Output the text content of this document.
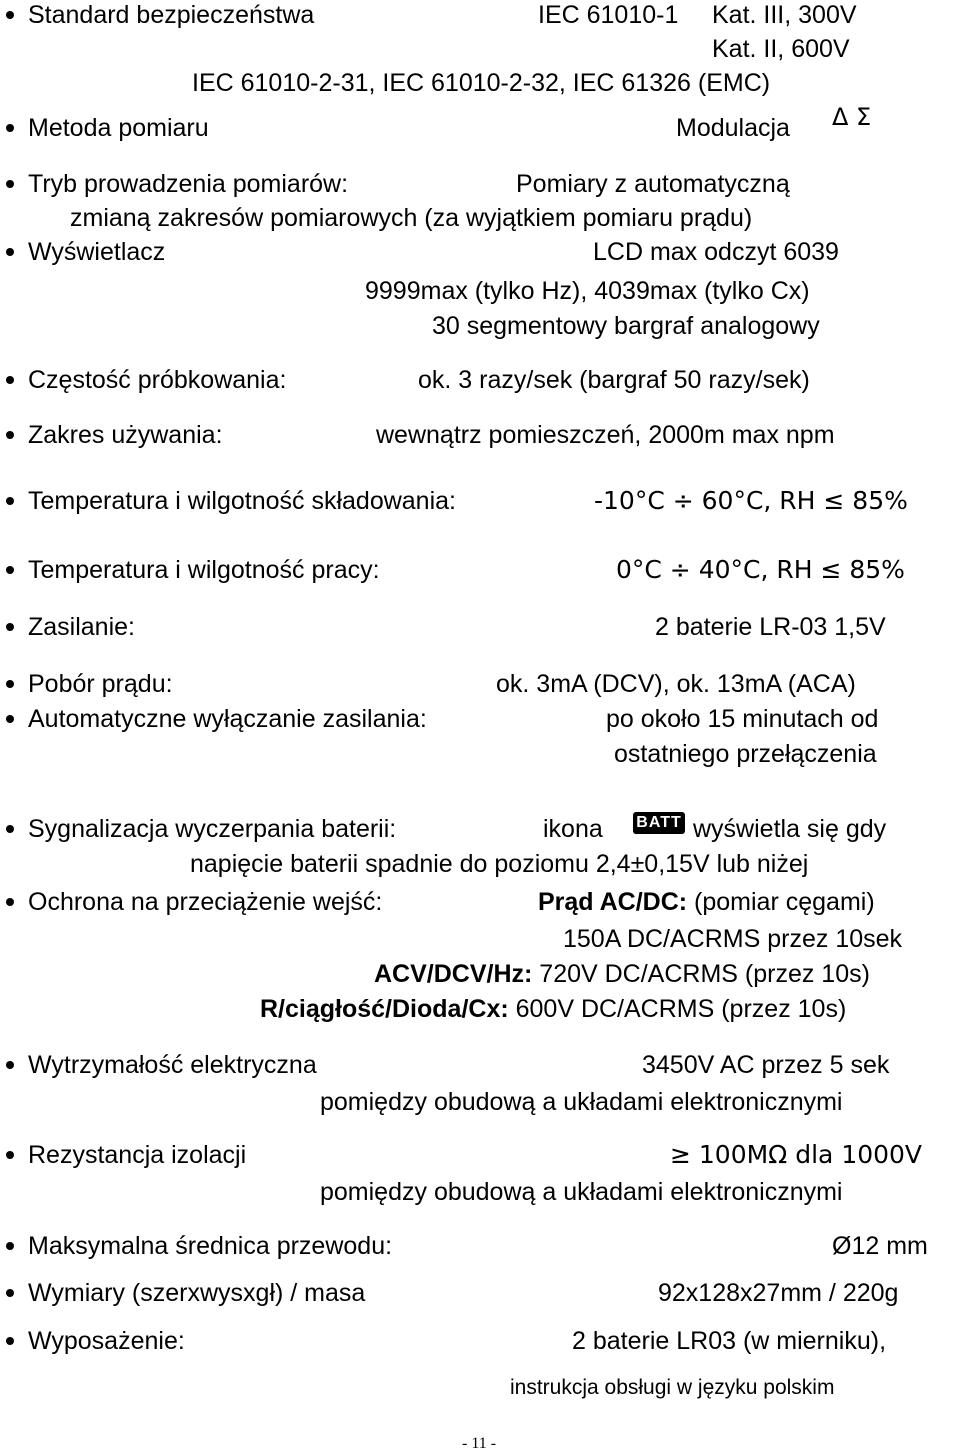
Standard bezpieczeństwa	IEC 61010-1 Kat. III, 300V
Kat. II, 600V
IEC 61010-2-31, IEC 61010-2-32, IEC 61326 (EMC)
Metoda pomiaru	Modulacja Δ Σ
Tryb prowadzenia pomiarów:	Pomiary z automatyczną
zmianą zakresów pomiarowych (za wyjątkiem pomiaru prądu)
Wyświetlacz	LCD max odczyt 6039
9999max (tylko Hz), 4039max (tylko Cx)
30 segmentowy bargraf analogowy
Częstość próbkowania:	ok. 3 razy/sek (bargraf 50 razy/sek)
Zakres używania:	wewnątrz pomieszczeń, 2000m max npm
Temperatura i wilgotność składowania:	-10°C ÷ 60°C, RH ≤ 85%
Temperatura i wilgotność pracy:	0°C ÷ 40°C, RH ≤ 85%
Zasilanie:	2 baterie LR-03 1,5V
Pobór prądu:	ok. 3mA (DCV), ok. 13mA (ACA)
Automatyczne wyłączanie zasilania:	po około 15 minutach od
ostatniego przełączenia
Sygnalizacja wyczerpania baterii:	ikona BATT wyświetla się gdy
napięcie baterii spadnie do poziomu 2,4±0,15V lub niżej
Ochrona na przeciążenie wejść:	Prąd AC/DC: (pomiar cęgami)
150A DC/ACRMS przez 10sek
ACV/DCV/Hz: 720V DC/ACRMS (przez 10s)
R/ciągłość/Dioda/Cx: 600V DC/ACRMS (przez 10s)
Wytrzymałość elektryczna	3450V AC przez 5 sek
pomiędzy obudową a układami elektronicznymi
Rezystancja izolacji	≥ 100MΩ dla 1000V
pomiędzy obudową a układami elektronicznymi
Maksymalna średnica przewodu:	Ø12 mm
Wymiary (szerxwysxgł) / masa	92x128x27mm / 220g
Wyposażenie:	2 baterie LR03 (w mierniku),
instrukcja obsługi w języku polskim
- 11 -
